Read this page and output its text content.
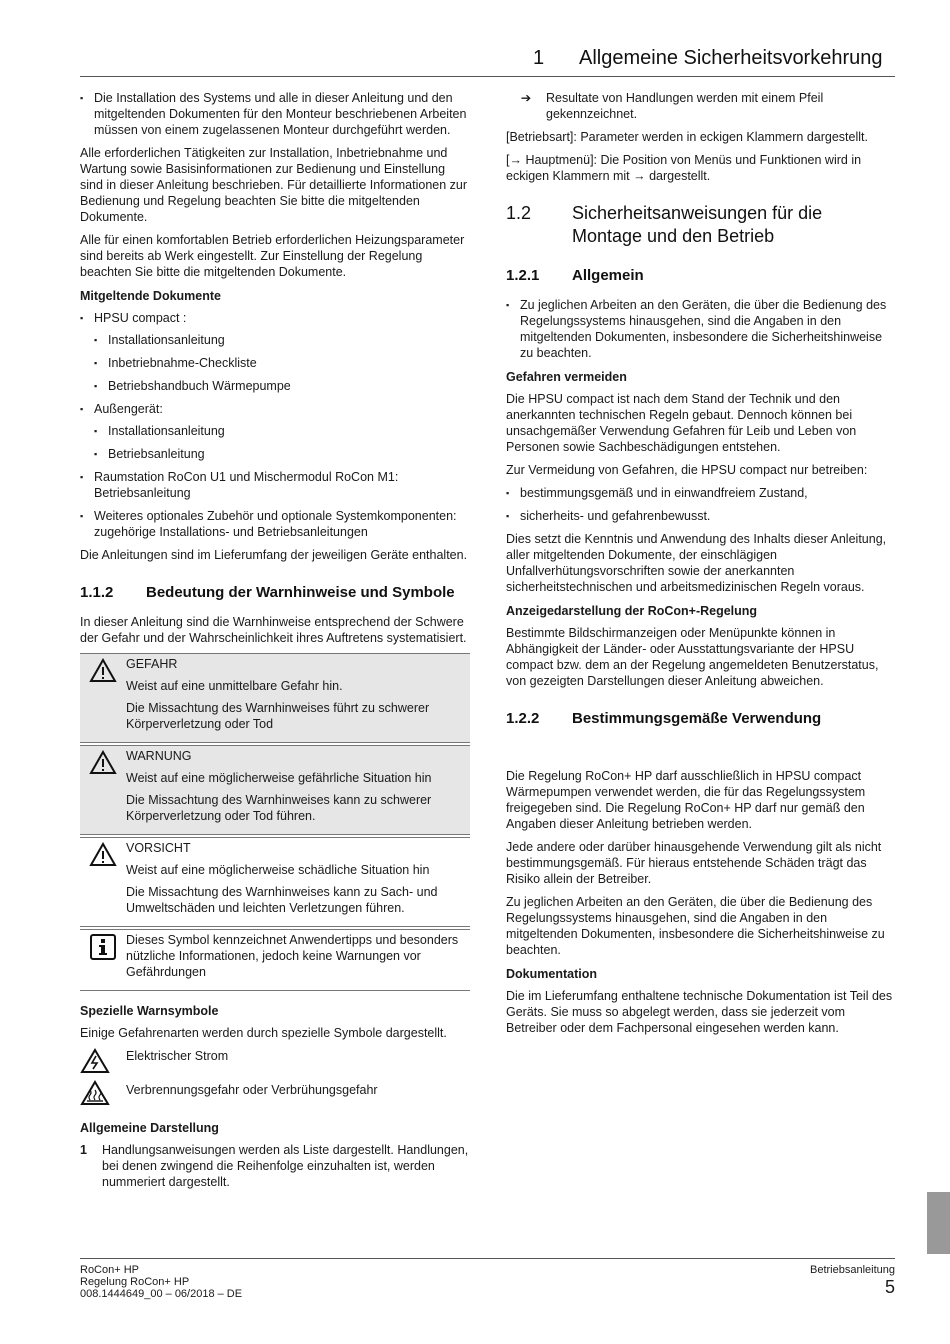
1 Allgemeine Sicherheitsvorkehrung
▪ Die Installation des Systems und alle in dieser Anleitung und den mitgeltenden Dokumenten für den Monteur beschriebenen Arbeiten müssen von einem zugelassenen Monteur durchgeführt werden.

Alle erforderlichen Tätigkeiten zur Installation, Inbetriebnahme und Wartung sowie Basisinformationen zur Bedienung und Einstellung sind in dieser Anleitung beschrieben. Für detaillierte Informationen zur Bedienung und Regelung beachten Sie bitte die mitgeltenden Dokumente.

Alle für einen komfortablen Betrieb erforderlichen Heizungsparameter sind bereits ab Werk eingestellt. Zur Einstellung der Regelung beachten Sie bitte die mitgeltenden Dokumente.

Mitgeltende Dokumente
▪ HPSU compact :
▪ Installationsanleitung
▪ Inbetriebnahme-Checkliste
▪ Betriebshandbuch Wärmepumpe
▪ Außengerät:
▪ Installationsanleitung
▪ Betriebsanleitung
▪ Raumstation RoCon U1 und Mischermodul RoCon M1: Betriebsanleitung
▪ Weiteres optionales Zubehör und optionale Systemkomponenten: zugehörige Installations- und Betriebsanleitungen

Die Anleitungen sind im Lieferumfang der jeweiligen Geräte enthalten.

1.1.2	Bedeutung der Warnhinweise und Symbole

In dieser Anleitung sind die Warnhinweise entsprechend der Schwere der Gefahr und der Wahrscheinlichkeit ihres Auftretens systematisiert.

GEFAHR

Weist auf eine unmittelbare Gefahr hin.

Die Missachtung des Warnhinweises führt zu schwerer Körperverletzung oder Tod

WARNUNG

Weist auf eine möglicherweise gefährliche Situation hin

Die Missachtung des Warnhinweises kann zu schwerer Körperverletzung oder Tod führen.

VORSICHT

Weist auf eine möglicherweise schädliche Situation hin

Die Missachtung des Warnhinweises kann zu Sach- und Umweltschäden und leichten Verletzungen führen.

Dieses Symbol kennzeichnet Anwendertipps und besonders nützliche Informationen, jedoch keine Warnungen vor Gefährdungen

Spezielle Warnsymbole

Einige Gefahrenarten werden durch spezielle Symbole dargestellt.

Elektrischer Strom
Verbrennungsgefahr oder Verbrühungsgefahr
Allgemeine Darstellung
1	Handlungsanweisungen werden als Liste dargestellt. Handlungen, bei denen zwingend die Reihenfolge einzuhalten ist, werden nummeriert dargestellt.
➔	Resultate von Handlungen werden mit einem Pfeil gekennzeichnet.

[Betriebsart]: Parameter werden in eckigen Klammern dargestellt.

[→ Hauptmenü]: Die Position von Menüs und Funktionen wird in eckigen Klammern mit → dargestellt.

1.2	Sicherheitsanweisungen für die Montage und den Betrieb
1.2.1	Allgemein
▪ Zu jeglichen Arbeiten an den Geräten, die über die Bedienung des Regelungssystems hinausgehen, sind die Angaben in den mitgeltenden Dokumenten, insbesondere die Sicherheitshinweise zu beachten.
Gefahren vermeiden

Die HPSU compact ist nach dem Stand der Technik und den anerkannten technischen Regeln gebaut. Dennoch können bei unsachgemäßer Verwendung Gefahren für Leib und Leben von Personen sowie Sachbeschädigungen entstehen.

Zur Vermeidung von Gefahren, die HPSU compact nur betreiben:

▪ bestimmungsgemäß und in einwandfreiem Zustand,
▪ sicherheits- und gefahrenbewusst.

Dies setzt die Kenntnis und Anwendung des Inhalts dieser Anleitung, aller mitgeltenden Dokumente, der einschlägigen Unfallverhütungsvorschriften sowie der anerkannten sicherheitstechnischen und arbeitsmedizinischen Regeln voraus.

Anzeigedarstellung der RoCon+-Regelung

Bestimmte Bildschirmanzeigen oder Menüpunkte können in Abhängigkeit der Länder- oder Ausstattungsvariante der HPSU compact bzw. dem an der Regelung angemeldeten Benutzerstatus, von gezeigten Darstellungen dieser Anleitung abweichen.

1.2.2	Bestimmungsgemäße Verwendung

Die Regelung RoCon+ HP darf ausschließlich in HPSU compact Wärmepumpen verwendet werden, die für das Regelungssystem freigegeben sind. Die Regelung RoCon+ HP darf nur gemäß den Angaben dieser Anleitung betrieben werden.

Jede andere oder darüber hinausgehende Verwendung gilt als nicht bestimmungsgemäß. Für hieraus entstehende Schäden trägt das Risiko allein der Betreiber.

Zu jeglichen Arbeiten an den Geräten, die über die Bedienung des Regelungssystems hinausgehen, sind die Angaben in den mitgeltenden Dokumenten, insbesondere die Sicherheitshinweise zu beachten.

Dokumentation

Die im Lieferumfang enthaltene technische Dokumentation ist Teil des Geräts. Sie muss so abgelegt werden, dass sie jederzeit vom Betreiber oder dem Fachpersonal eingesehen werden kann.

RoCon+ HP
Regelung RoCon+ HP
008.1444649_00 – 06/2018 – DE
Betriebsanleitung
5
